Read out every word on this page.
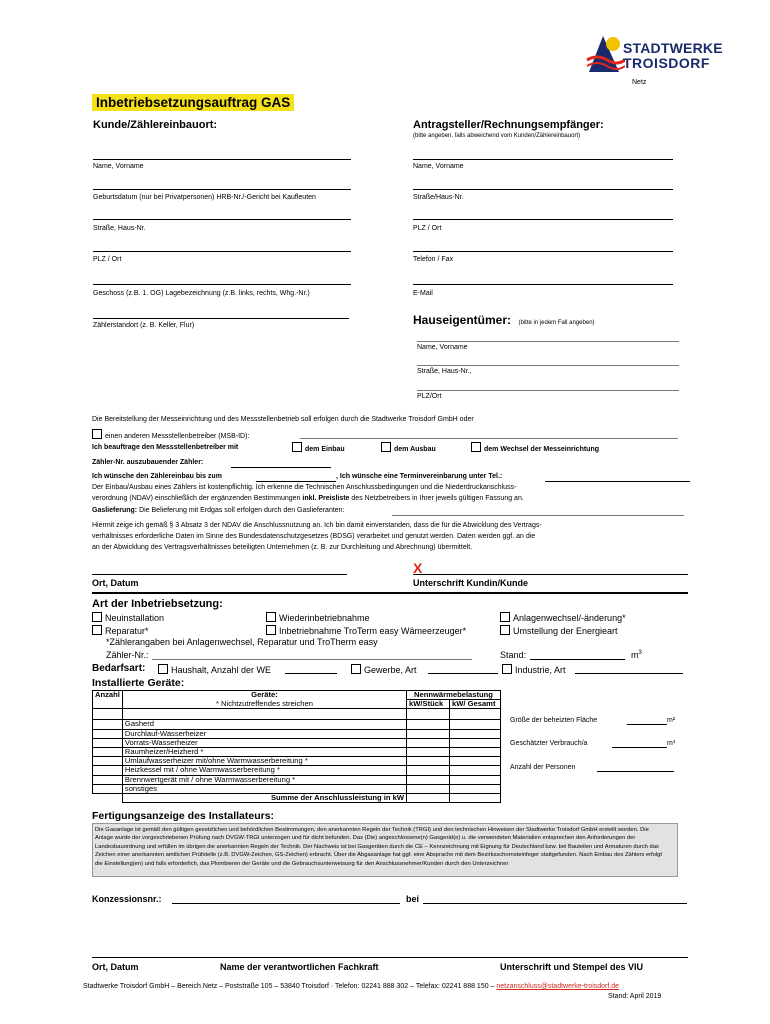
STADTWERKE
TROISDORF
Netz
Inbetriebsetzungsauftrag GAS
Kunde/Zählereinbauort:
Name, Vorname
Geburtsdatum (nur bei Privatpersonen) HRB-Nr./-Gericht bei Kaufleuten
Straße, Haus-Nr.
PLZ / Ort
Geschoss (z.B. 1. OG) Lagebezeichnung (z.B. links, rechts, Whg.-Nr.)
Zählerstandort (z. B. Keller, Flur)
Antragsteller/Rechnungsempfänger:
(bitte angeben, falls abweichend vom Kunden/Zählereinbauort)
Name, Vorname
Straße/Haus-Nr.
PLZ / Ort
Telefon / Fax
E-Mail
Hauseigentümer: (bitte in jedem Fall angeben)
Name, Vorname
Straße, Haus-Nr.,
PLZ/Ort
Die Bereitstellung der Messeinrichtung und des Messstellenbetrieb soll erfolgen durch die Stadtwerke Troisdorf GmbH oder
einen anderen Messstellenbetreiber (MSB-ID):
Ich beauftrage den Messstellenbetreiber mit	dem Einbau	dem Ausbau	dem Wechsel der Messeinrichtung
Zähler-Nr. auszubauender Zähler:
Ich wünsche den Zählereinbau bis zum	, Ich wünsche eine Terminvereinbarung unter Tel.:
Der Einbau/Ausbau eines Zählers ist kostenpflichtig. Ich erkenne die Technischen Anschlussbedingungen und die Niederdruckanschluss-
verordnung (NDAV) einschließlich der ergänzenden Bestimmungen inkl. Preisliste des Netzbetreibers in Ihrer jeweils gültigen Fassung an.
Gaslieferung: Die Belieferung mit Erdgas soll erfolgen durch den Gaslieferanten:
Hiermit zeige ich gemäß § 3 Absatz 3 der NDAV die Anschlussnutzung an. Ich bin damit einverstanden, dass die für die Abwicklung des Vertrags-
verhältnisses erforderliche Daten im Sinne des Bundesdatenschutzgesetzes (BDSG) verarbeitet und genutzt werden. Daten werden ggf. an die
an der Abwicklung des Vertragsverhältnisses beteiligten Unternehmen (z. B. zur Durchleitung und Abrechnung) übermittelt.
X
Ort, Datum	Unterschrift Kundin/Kunde
Art der Inbetriebsetzung:
Neuinstallation	Wiederinbetriebnahme	Anlagenwechsel/-änderung*
Reparatur*	Inbetriebnahme TroTerm easy Wämeerzeuger*	Umstellung der Energieart
*Zählerangaben bei Anlagenwechsel, Reparatur und TroTherm easy
Zähler-Nr.:	Stand:	$m^3$
Bedarfsart:	Haushalt, Anzahl der WE	Gewerbe, Art	Industrie, Art
Installierte Geräte:
Anzahl	Geräte:	Nennwärmebelastung	
	* Nichtzutreffendes streichen	kW/Stück	kW/ Gesamt

	Gasherd		
	Durchlauf-Wasserheizer		
	Vorrats-Wasserheizer		
	Raumheizer/Heizherd *		
	Umlaufwasserheizer mit/ohne Warmwasserbereitung *		
	Heizkessel mit / ohne Warmwasserbereitung *		
	Brennwertgerät mit / ohne Warmwasserbereitung *		
	sonstiges		
	Summe der Anschlussleistung in kW		
Größe der beheizten Fläche	m²
Geschätzter Verbrauch/a	m³
Anzahl der Personen
Fertigungsanzeige des Installateurs:
Die Gasanlage ist gemäß den gültigen gesetzlichen und behördlichen Bestimmungen, den anerkannten Regeln der Technik (TRGI) und den technischen Hinweisen der Stadtwerke Troisdorf GmbH erstellt worden. Die Anlage wurde der vorgeschriebenen Prüfung nach DVGW-TRGI unterzogen und für dicht befunden. Das (Die) angeschlossene(n) Gasgerät(e) u. die verwendeten Materialien entsprechen den Anforderungen der Landesbauordnung und erfüllen im übrigen die anerkannten Regeln der Technik. Der Nachweis ist bei Gasgeräten durch die CE – Kennzeichnung mit Eignung für Deutschland bzw. bei Bauteilen und Armaturen durch das Zeichen einer anerkannten amtlichen Prüfstelle (z.B. DVGW-Zeichen, GS-Zeichen) erbracht. Über die Abgasanlage hat ggf. eine Absprache mit dem Bezirksschornsteinfeger stattgefunden. Nach Einbau des Zählers erfolgt die Einstellung(en) und falls erforderlich, das Plombieren der Geräte und die Gebrauchsunterweisung für den Anschlussnehmer/Kunden durch den Unterzeichner
Konzessionsnr.:	bei
Ort, Datum	Name der verantwortlichen Fachkraft	Unterschrift und Stempel des VIU
Stadtwerke Troisdorf GmbH – Bereich Netz – Poststraße 105 – 53840 Troisdorf · Telefon: 02241 888 302 – Telefax: 02241 888 150 – netzanschluss@stadtwerke-troisdorf.de
Stand: April 2019
